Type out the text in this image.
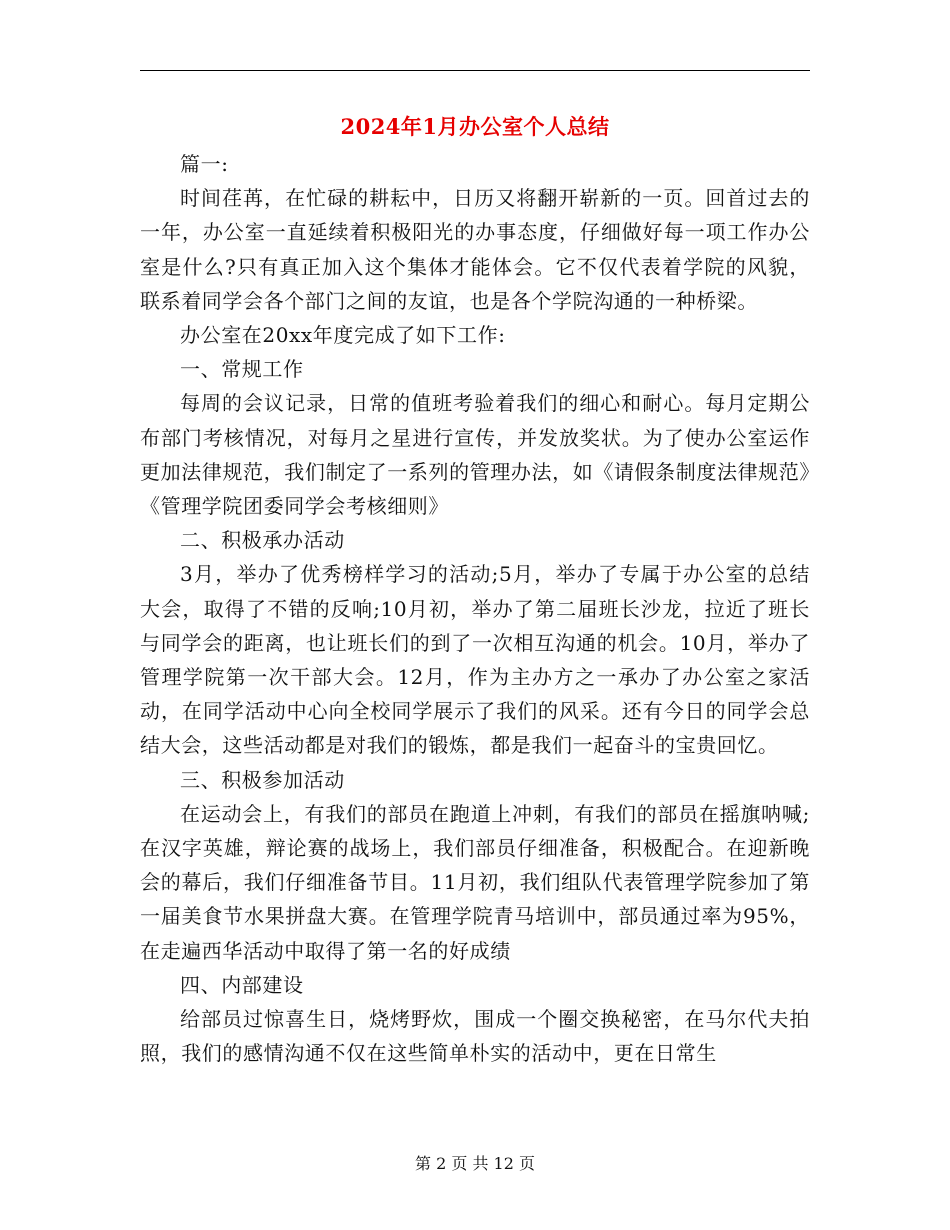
2024年1月办公室个人总结

篇一:

时间荏苒，在忙碌的耕耘中，日历又将翻开崭新的一页。回首过去的一年，办公室一直延续着积极阳光的办事态度，仔细做好每一项工作办公室是什么?只有真正加入这个集体才能体会。它不仅代表着学院的风貌，联系着同学会各个部门之间的友谊，也是各个学院沟通的一种桥梁。

办公室在20xx年度完成了如下工作:

一、常规工作

每周的会议记录，日常的值班考验着我们的细心和耐心。每月定期公布部门考核情况，对每月之星进行宣传，并发放奖状。为了使办公室运作更加法律规范，我们制定了一系列的管理办法，如《请假条制度法律规范》《管理学院团委同学会考核细则》

二、积极承办活动

3月，举办了优秀榜样学习的活动;5月，举办了专属于办公室的总结大会，取得了不错的反响;10月初，举办了第二届班长沙龙，拉近了班长与同学会的距离，也让班长们的到了一次相互沟通的机会。10月，举办了管理学院第一次干部大会。12月，作为主办方之一承办了办公室之家活动，在同学活动中心向全校同学展示了我们的风采。还有今日的同学会总结大会，这些活动都是对我们的锻炼，都是我们一起奋斗的宝贵回忆。

三、积极参加活动

在运动会上，有我们的部员在跑道上冲刺，有我们的部员在摇旗呐喊;在汉字英雄，辩论赛的战场上，我们部员仔细准备，积极配合。在迎新晚会的幕后，我们仔细准备节目。11月初，我们组队代表管理学院参加了第一届美食节水果拼盘大赛。在管理学院青马培训中，部员通过率为95%，在走遍西华活动中取得了第一名的好成绩

四、内部建设

给部员过惊喜生日，烧烤野炊，围成一个圈交换秘密，在马尔代夫拍照，我们的感情沟通不仅在这些简单朴实的活动中，更在日常生

第 2 页 共 12 页
